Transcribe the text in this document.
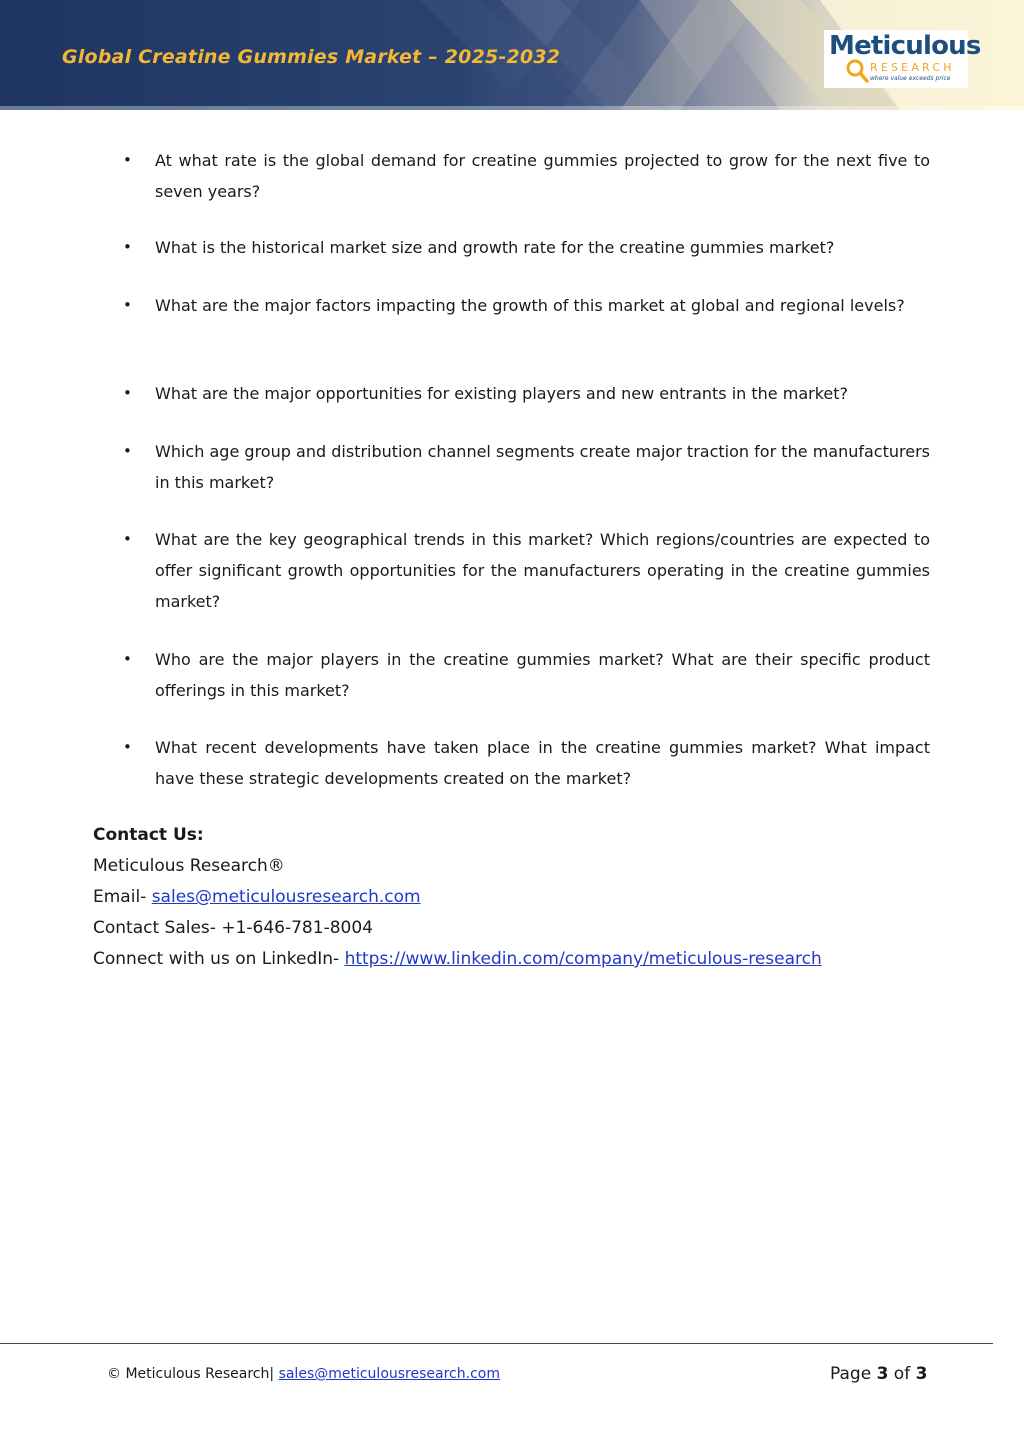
Global Creatine Gummies Market – 2025-2032	Meticulous
RESEARCH
where value exceeds price
• At what rate is the global demand for creatine gummies projected to grow for the next five to seven years?
• What is the historical market size and growth rate for the creatine gummies market?
• What are the major factors impacting the growth of this market at global and regional levels?
• What are the major opportunities for existing players and new entrants in the market?
• Which age group and distribution channel segments create major traction for the manufacturers in this market?
• What are the key geographical trends in this market? Which regions/countries are expected to offer significant growth opportunities for the manufacturers operating in the creatine gummies market?
• Who are the major players in the creatine gummies market? What are their specific product offerings in this market?
• What recent developments have taken place in the creatine gummies market? What impact have these strategic developments created on the market?
Contact Us:
Meticulous Research®
Email- sales@meticulousresearch.com
Contact Sales- +1-646-781-8004
Connect with us on LinkedIn- https://www.linkedin.com/company/meticulous-research
© Meticulous Research| sales@meticulousresearch.com	Page 3 of 3
